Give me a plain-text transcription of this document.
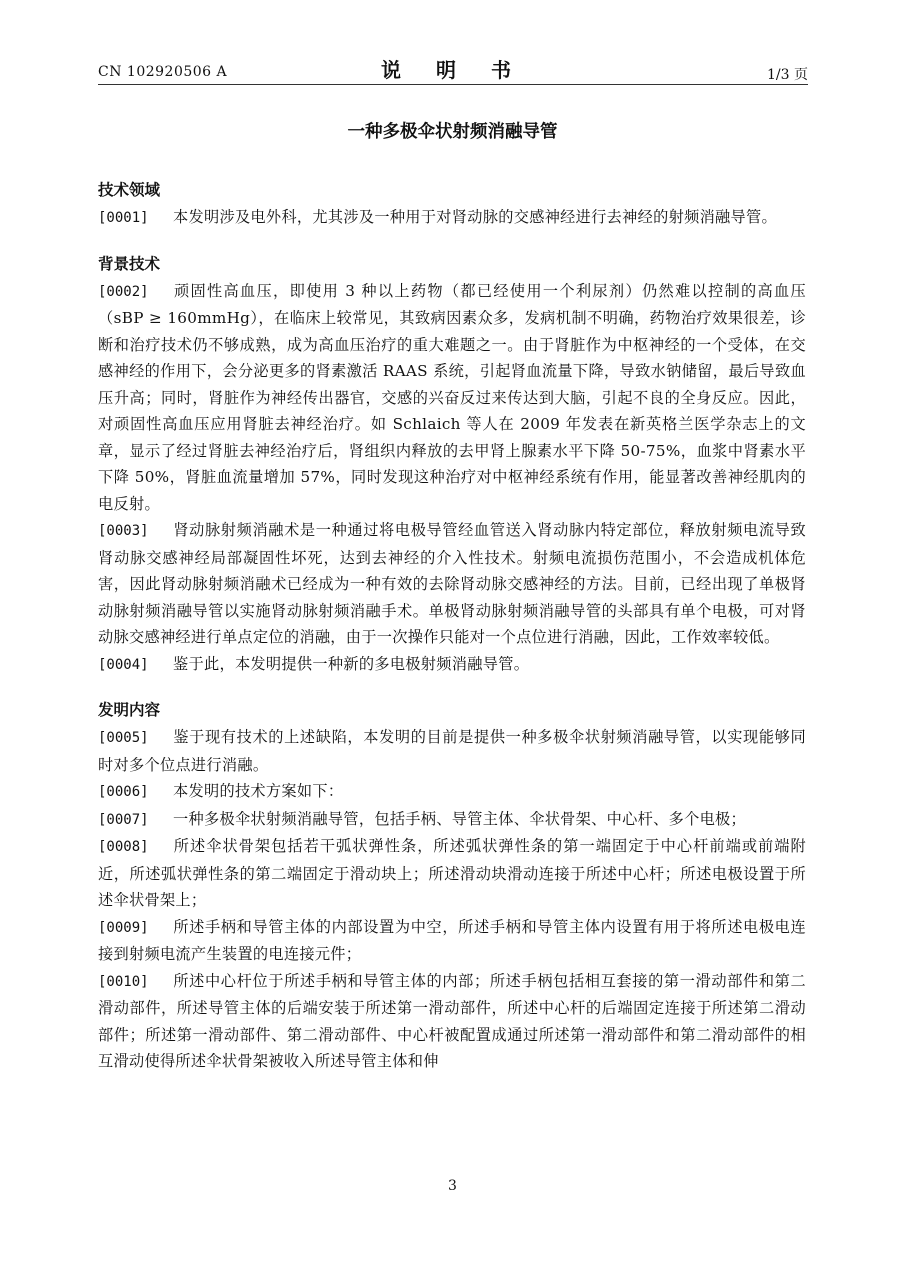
CN 102920506 A	说 明 书	1/3 页
一种多极伞状射频消融导管
技术领域
[0001] 本发明涉及电外科，尤其涉及一种用于对肾动脉的交感神经进行去神经的射频消融导管。
背景技术
[0002] 顽固性高血压，即使用 3 种以上药物（都已经使用一个利尿剂）仍然难以控制的高血压（sBP ≥ 160mmHg），在临床上较常见，其致病因素众多，发病机制不明确，药物治疗效果很差，诊断和治疗技术仍不够成熟，成为高血压治疗的重大难题之一。由于肾脏作为中枢神经的一个受体，在交感神经的作用下，会分泌更多的肾素激活 RAAS 系统，引起肾血流量下降，导致水钠储留，最后导致血压升高；同时，肾脏作为神经传出器官，交感的兴奋反过来传达到大脑，引起不良的全身反应。因此，对顽固性高血压应用肾脏去神经治疗。如 Schlaich 等人在 2009 年发表在新英格兰医学杂志上的文章，显示了经过肾脏去神经治疗后，肾组织内释放的去甲肾上腺素水平下降 50-75%，血浆中肾素水平下降 50%，肾脏血流量增加 57%，同时发现这种治疗对中枢神经系统有作用，能显著改善神经肌肉的电反射。
[0003] 肾动脉射频消融术是一种通过将电极导管经血管送入肾动脉内特定部位，释放射频电流导致肾动脉交感神经局部凝固性坏死，达到去神经的介入性技术。射频电流损伤范围小，不会造成机体危害，因此肾动脉射频消融术已经成为一种有效的去除肾动脉交感神经的方法。目前，已经出现了单极肾动脉射频消融导管以实施肾动脉射频消融手术。单极肾动脉射频消融导管的头部具有单个电极，可对肾动脉交感神经进行单点定位的消融，由于一次操作只能对一个点位进行消融，因此，工作效率较低。
[0004] 鉴于此，本发明提供一种新的多电极射频消融导管。
发明内容
[0005] 鉴于现有技术的上述缺陷，本发明的目前是提供一种多极伞状射频消融导管，以实现能够同时对多个位点进行消融。
[0006] 本发明的技术方案如下：
[0007] 一种多极伞状射频消融导管，包括手柄、导管主体、伞状骨架、中心杆、多个电极；
[0008] 所述伞状骨架包括若干弧状弹性条，所述弧状弹性条的第一端固定于中心杆前端或前端附近，所述弧状弹性条的第二端固定于滑动块上；所述滑动块滑动连接于所述中心杆；所述电极设置于所述伞状骨架上；
[0009] 所述手柄和导管主体的内部设置为中空，所述手柄和导管主体内设置有用于将所述电极电连接到射频电流产生装置的电连接元件；
[0010] 所述中心杆位于所述手柄和导管主体的内部；所述手柄包括相互套接的第一滑动部件和第二滑动部件，所述导管主体的后端安装于所述第一滑动部件，所述中心杆的后端固定连接于所述第二滑动部件；所述第一滑动部件、第二滑动部件、中心杆被配置成通过所述第一滑动部件和第二滑动部件的相互滑动使得所述伞状骨架被收入所述导管主体和伸
3
